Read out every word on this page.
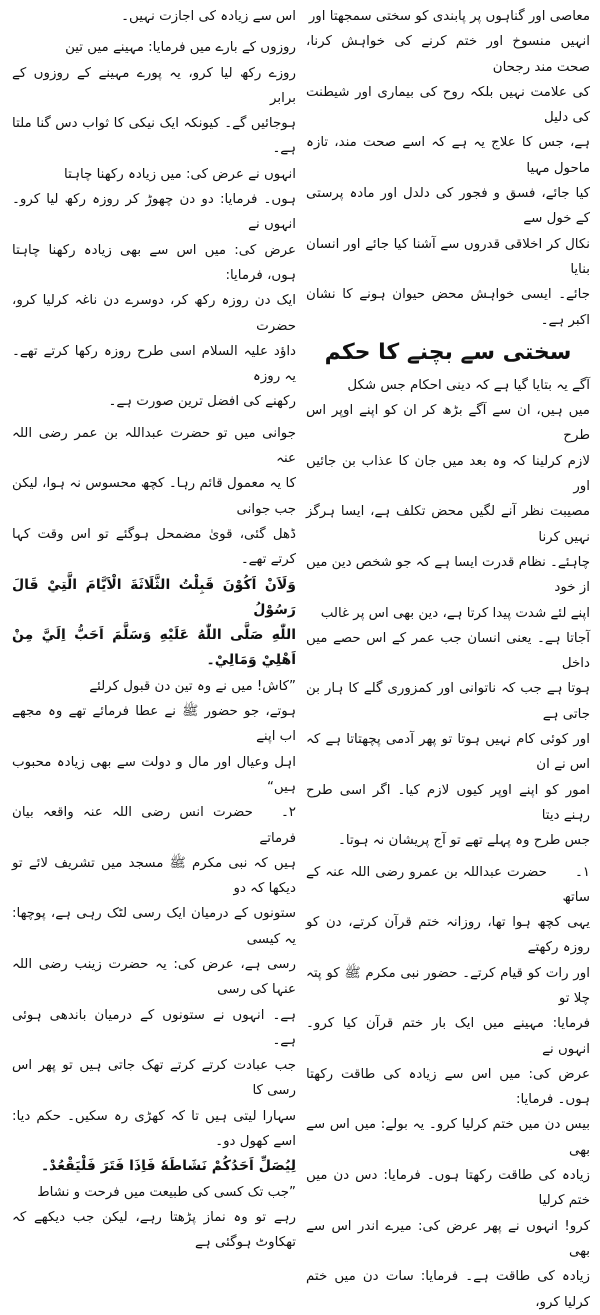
معاصی اور گناہوں پر پابندی کو سختی سمجھتا اور
انہیں منسوخ اور ختم کرنے کی خواہش کرنا، صحت مند رجحان
کی علامت نہیں بلکہ روح کی بیماری اور شیطنت کی دلیل
ہے، جس کا علاج یہ ہے کہ اسے صحت مند، تازہ ماحول مہیا
کیا جائے، فسق و فجور کی دلدل اور مادہ پرستی کے خول سے
نکال کر اخلاقی قدروں سے آشنا کیا جائے اور انسان بنایا
جائے۔ ایسی خواہش محض حیوان ہونے کا نشان اکبر ہے۔

سختی سے بچنے کا حکم

آگے یہ بتایا گیا ہے کہ دینی احکام جس شکل
میں ہیں، ان سے آگے بڑھ کر ان کو اپنے اوپر اس طرح
لازم کرلینا کہ وہ بعد میں جان کا عذاب بن جائیں اور
مصیبت نظر آنے لگیں محض تکلف ہے، ایسا ہرگز نہیں کرنا
چاہئے۔ نظام قدرت ایسا ہے کہ جو شخص دین میں از خود
اپنے لئے شدت پیدا کرتا ہے، دین بھی اس پر غالب
آجاتا ہے۔ یعنی انسان جب عمر کے اس حصے میں داخل
ہوتا ہے جب کہ ناتوانی اور کمزوری گلے کا ہار بن جاتی ہے
اور کوئی کام نہیں ہوتا تو پھر آدمی پچھتاتا ہے کہ اس نے ان
امور کو اپنے اوپر کیوں لازم کیا۔ اگر اسی طرح رہنے دیتا
جس طرح وہ پہلے تھے تو آج پریشان نہ ہوتا۔

۱۔حضرت عبداللہ بن عمرو رضی اللہ عنہ کے ساتھ
یہی کچھ ہوا تھا، روزانہ ختم قرآن کرتے، دن کو روزہ رکھتے
اور رات کو قیام کرتے۔ حضور نبی مکرم ﷺ کو پتہ چلا تو
فرمایا: مہینے میں ایک بار ختم قرآن کیا کرو۔ انہوں نے
عرض کی: میں اس سے زیادہ کی طاقت رکھتا ہوں۔ فرمایا:
بیس دن میں ختم کرلیا کرو۔ یہ بولے: میں اس سے بھی
زیادہ کی طاقت رکھتا ہوں۔ فرمایا: دس دن میں ختم کرلیا
کرو! انہوں نے پھر عرض کی: میرے اندر اس سے بھی
زیادہ کی طاقت ہے۔ فرمایا: سات دن میں ختم کرلیا کرو،

اس سے زیادہ کی اجازت نہیں۔

روزوں کے بارے میں فرمایا: مہینے میں تین
روزے رکھ لیا کرو، یہ پورے مہینے کے روزوں کے برابر
ہوجائیں گے۔ کیونکہ ایک نیکی کا ثواب دس گنا ملتا ہے۔
انہوں نے عرض کی: میں زیادہ رکھنا چاہتا
ہوں۔ فرمایا: دو دن چھوڑ کر روزہ رکھ لیا کرو۔ انہوں نے
عرض کی: میں اس سے بھی زیادہ رکھنا چاہتا ہوں، فرمایا:
ایک دن روزہ رکھ کر، دوسرے دن ناغہ کرلیا کرو، حضرت
داؤد علیہ السلام اسی طرح روزہ رکھا کرتے تھے۔ یہ روزہ
رکھنے کی افضل ترین صورت ہے۔

جوانی میں تو حضرت عبداللہ بن عمر رضی اللہ عنہ
کا یہ معمول قائم رہا۔ کچھ محسوس نہ ہوا، لیکن جب جوانی
ڈھل گئی، قویٰ مضمحل ہوگئے تو اس وقت کہا کرتے تھے۔

وَلَاَنْ اَكُوْنَ قَبِلْتُ الثَّلَاثَةَ الْاَيَّامَ الَّتِيْ قَالَ رَسُوْلُ
اللّٰهِ صَلَّى اللّٰهُ عَلَيْهِ وَسَلَّمَ اَحَبُّ اِلَيَّ مِنْ اَهْلِيْ وَمَالِيْ۔

”کاش! میں نے وہ تین دن قبول کرلئے
ہوتے، جو حضور ﷺ نے عطا فرمائے تھے وہ مجھے اب اپنے
اہل وعیال اور مال و دولت سے بھی زیادہ محبوب ہیں“

۲۔حضرت انس رضی اللہ عنہ واقعہ بیان فرماتے
ہیں کہ نبی مکرم ﷺ مسجد میں تشریف لائے تو دیکھا کہ دو
ستونوں کے درمیان ایک رسی لٹک رہی ہے، پوچھا: یہ کیسی
رسی ہے، عرض کی: یہ حضرت زینب رضی اللہ عنہا کی رسی
ہے۔ انہوں نے ستونوں کے درمیان باندھی ہوئی ہے۔
جب عبادت کرتے کرتے تھک جاتی ہیں تو پھر اس رسی کا
سہارا لیتی ہیں تا کہ کھڑی رہ سکیں۔ حکم دیا: اسے کھول دو۔

لِيُصَلِّ اَحَدُكُمْ نَشَاطَهٗ فَاِذَا فَتَرَ فَلْيَقْعُدْ۔

”جب تک کسی کی طبیعت میں فرحت و نشاط
رہے تو وہ نماز پڑھتا رہے، لیکن جب دیکھے کہ تھکاوٹ ہوگئی ہے
